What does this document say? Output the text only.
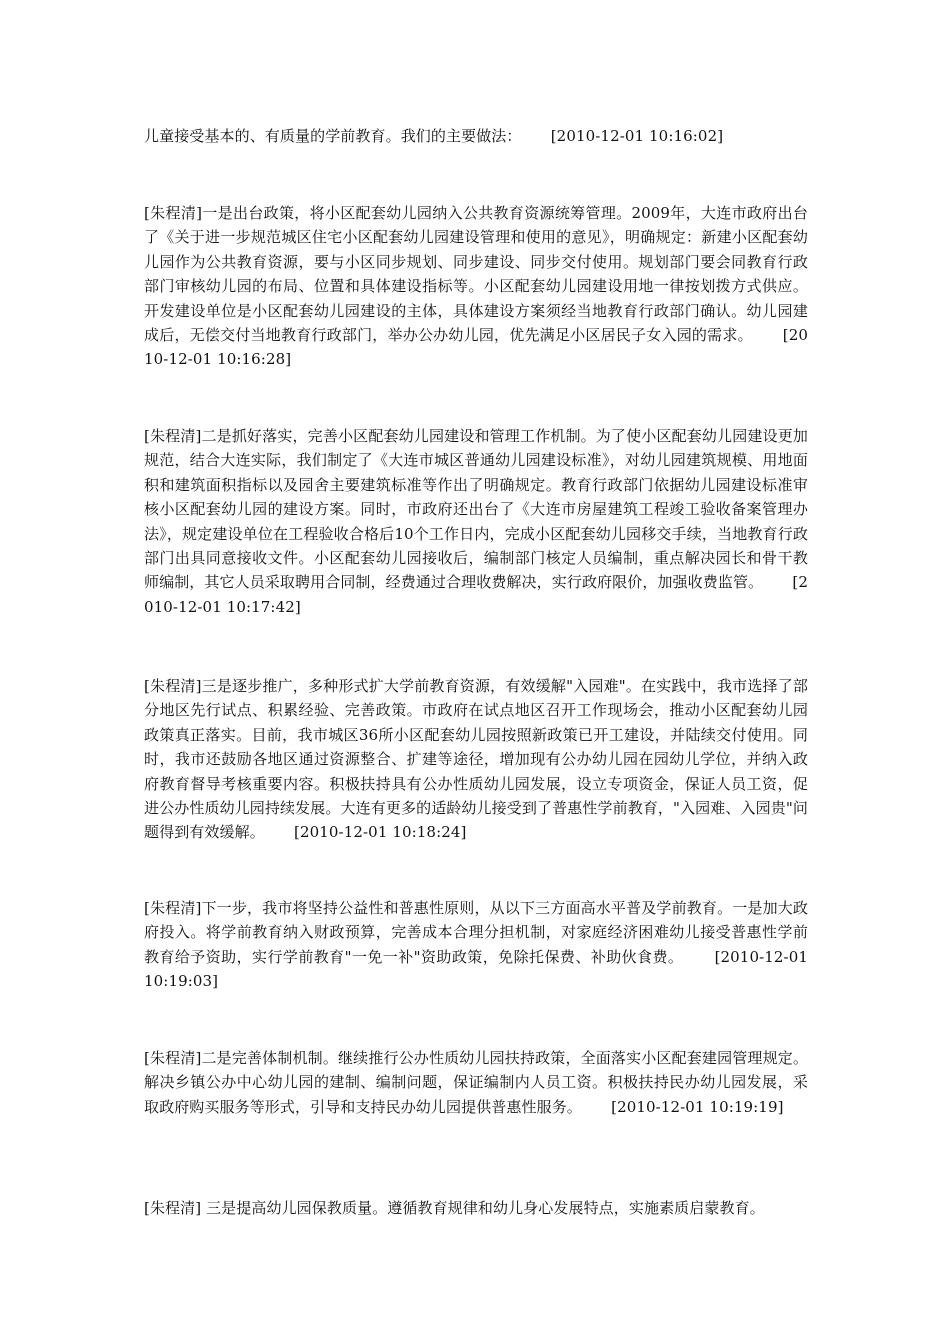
儿童接受基本的、有质量的学前教育。我们的主要做法： [2010-12-01 10:16:02]
[朱程清]一是出台政策，将小区配套幼儿园纳入公共教育资源统筹管理。2009年，大连市政府出台了《关于进一步规范城区住宅小区配套幼儿园建设管理和使用的意见》，明确规定：新建小区配套幼儿园作为公共教育资源，要与小区同步规划、同步建设、同步交付使用。规划部门要会同教育行政部门审核幼儿园的布局、位置和具体建设指标等。小区配套幼儿园建设用地一律按划拨方式供应。开发建设单位是小区配套幼儿园建设的主体，具体建设方案须经当地教育行政部门确认。幼儿园建成后，无偿交付当地教育行政部门，举办公办幼儿园，优先满足小区居民子女入园的需求。 [2010-12-01 10:16:28]
[朱程清]二是抓好落实，完善小区配套幼儿园建设和管理工作机制。为了使小区配套幼儿园建设更加规范，结合大连实际，我们制定了《大连市城区普通幼儿园建设标准》，对幼儿园建筑规模、用地面积和建筑面积指标以及园舍主要建筑标准等作出了明确规定。教育行政部门依据幼儿园建设标准审核小区配套幼儿园的建设方案。同时，市政府还出台了《大连市房屋建筑工程竣工验收备案管理办法》，规定建设单位在工程验收合格后10个工作日内，完成小区配套幼儿园移交手续，当地教育行政部门出具同意接收文件。小区配套幼儿园接收后，编制部门核定人员编制，重点解决园长和骨干教师编制，其它人员采取聘用合同制，经费通过合理收费解决，实行政府限价，加强收费监管。 [2010-12-01 10:17:42]
[朱程清]三是逐步推广，多种形式扩大学前教育资源，有效缓解"入园难"。在实践中，我市选择了部分地区先行试点、积累经验、完善政策。市政府在试点地区召开工作现场会，推动小区配套幼儿园政策真正落实。目前，我市城区36所小区配套幼儿园按照新政策已开工建设，并陆续交付使用。同时，我市还鼓励各地区通过资源整合、扩建等途径，增加现有公办幼儿园在园幼儿学位，并纳入政府教育督导考核重要内容。积极扶持具有公办性质幼儿园发展，设立专项资金，保证人员工资，促进公办性质幼儿园持续发展。大连有更多的适龄幼儿接受到了普惠性学前教育，"入园难、入园贵"问题得到有效缓解。 [2010-12-01 10:18:24]
[朱程清]下一步，我市将坚持公益性和普惠性原则，从以下三方面高水平普及学前教育。一是加大政府投入。将学前教育纳入财政预算，完善成本合理分担机制，对家庭经济困难幼儿接受普惠性学前教育给予资助，实行学前教育"一免一补"资助政策，免除托保费、补助伙食费。 [2010-12-01 10:19:03]
[朱程清]二是完善体制机制。继续推行公办性质幼儿园扶持政策，全面落实小区配套建园管理规定。解决乡镇公办中心幼儿园的建制、编制问题，保证编制内人员工资。积极扶持民办幼儿园发展，采取政府购买服务等形式，引导和支持民办幼儿园提供普惠性服务。 [2010-12-01 10:19:19]
[朱程清] 三是提高幼儿园保教质量。遵循教育规律和幼儿身心发展特点，实施素质启蒙教育。
